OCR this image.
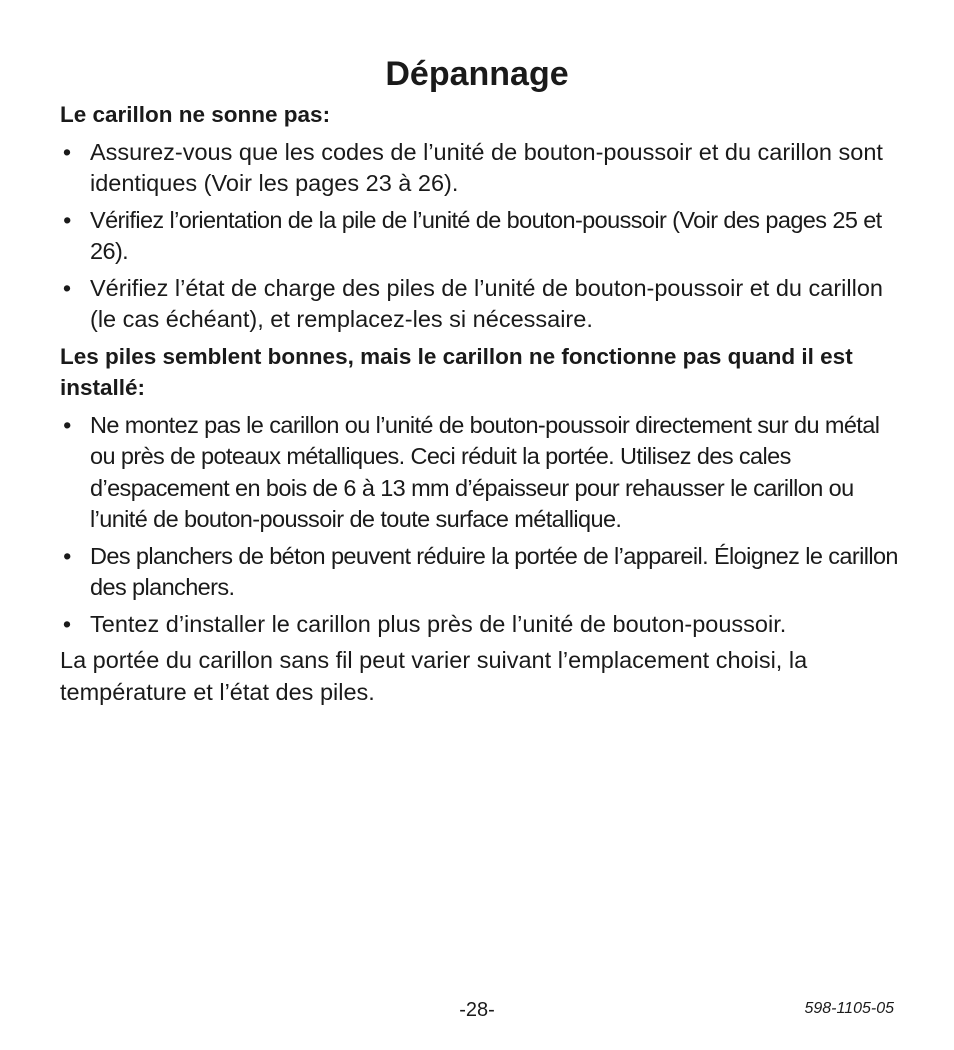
Dépannage

Le carillon ne sonne pas:

• Assurez-vous que les codes de l’unité de bouton-poussoir et du carillon sont identiques (Voir les pages 23 à 26).
• Vérifiez l’orientation de la pile de l’unité de bouton-poussoir (Voir des pages 25 et 26).
• Vérifiez l’état de charge des piles de l’unité de bouton-poussoir et du carillon (le cas échéant), et remplacez-les si nécessaire.

Les piles semblent bonnes, mais le carillon ne fonctionne pas quand il est installé:

• Ne montez pas le carillon ou l’unité de bouton-poussoir directement sur du métal ou près de poteaux métalliques. Ceci réduit la portée. Utilisez des cales d’espacement en bois de 6 à 13 mm d’épaisseur pour rehausser le carillon ou l’unité de bouton-poussoir de toute surface métallique.
• Des planchers de béton peuvent réduire la portée de l’appareil. Éloignez le carillon des planchers.
• Tentez d’installer le carillon plus près de l’unité de bouton-poussoir.

La portée du carillon sans fil peut varier suivant l’emplacement choisi, la température et l’état des piles.

-28-	598-1105-05
